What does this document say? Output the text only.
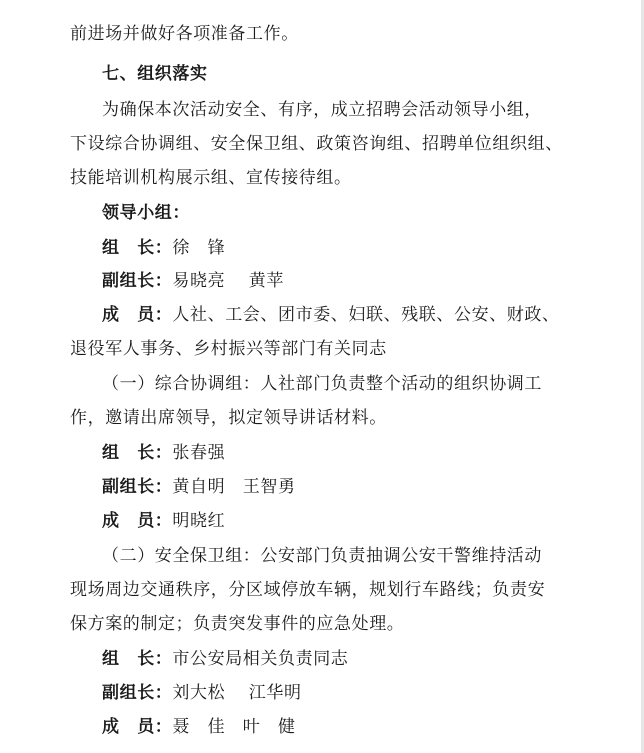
前进场并做好各项准备工作。
七、组织落实
为确保本次活动安全、有序，成立招聘会活动领导小组，
下设综合协调组、安全保卫组、政策咨询组、招聘单位组织组、
技能培训机构展示组、宣传接待组。
领导小组：
组　长：徐　锋
副组长：易晓亮　 黄苹
成　员：人社、工会、团市委、妇联、残联、公安、财政、
退役军人事务、乡村振兴等部门有关同志
（一）综合协调组：人社部门负责整个活动的组织协调工
作，邀请出席领导，拟定领导讲话材料。
组　长：张春强
副组长：黄自明　王智勇
成　员：明晓红
（二）安全保卫组：公安部门负责抽调公安干警维持活动
现场周边交通秩序，分区域停放车辆，规划行车路线；负责安
保方案的制定；负责突发事件的应急处理。
组　长：市公安局相关负责同志
副组长：刘大松　 江华明
成　员：聂　佳　叶　健
